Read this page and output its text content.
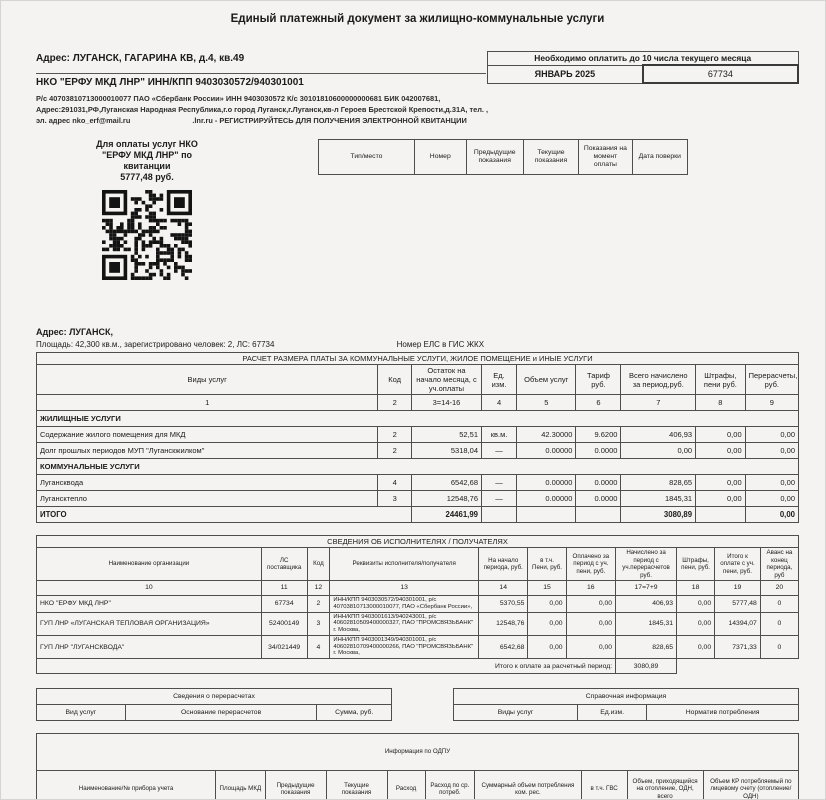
Единый платежный документ за жилищно-коммунальные услуги
Адрес: ЛУГАНСК, ГАГАРИНА КВ, д.4, кв.49
НКО "ЕРФУ МКД ЛНР" ИНН/КПП 9403030572/940301001
Необходимо оплатить до 10 числа текущего месяца
ЯНВАРЬ 2025	67734
Р/с 40703810713000010077 ПАО «Сбербанк России» ИНН 9403030572 К/с 30101810600000000681 БИК 042007681,
Адрес:291031,РФ,Луганская Народная Республика,г.о город Луганск,г.Луганск,кв-л Героев Брестской Крепости,д.31А, тел. ,
эл. адрес nko_erf@mail.ru	.lnr.ru - РЕГИСТРИРУЙТЕСЬ ДЛЯ ПОЛУЧЕНИЯ ЭЛЕКТРОННОЙ КВИТАНЦИИ
Для оплаты услуг НКО
"ЕРФУ МКД ЛНР" по
квитанции
5777,48 руб.
Тип/место	Номер	Предыдущие показания	Текущие показания	Показания на момент оплаты	Дата поверки
Адрес: ЛУГАНСК,
Площадь: 42,300 кв.м., зарегистрировано человек: 2, ЛС: 67734	Номер ЕЛС в ГИС ЖКХ
РАСЧЕТ РАЗМЕРА ПЛАТЫ ЗА КОММУНАЛЬНЫЕ УСЛУГИ, ЖИЛОЕ ПОМЕЩЕНИЕ и ИНЫЕ УСЛУГИ								
Виды услуг	Код	Остаток на начало месяца, с уч.оплаты	Ед. изм.	Объем услуг	Тариф руб.	Всего начислено за период,руб.	Штрафы, пени руб.	Перерасчеты, руб.
1	2	3=14-16	4	5	6	7	8	9
ЖИЛИЩНЫЕ УСЛУГИ								
Содержание жилого помещения для МКД	2	52,51	кв.м.	42.30000	9.6200	406,93	0,00	0,00
Долг прошлых периодов МУП "Луганскжилком"	2	5318,04	—	0.00000	0.0000	0,00	0,00	0,00
КОММУНАЛЬНЫЕ УСЛУГИ								
Лугансквода	4	6542,68	—	0.00000	0.0000	828,65	0,00	0,00
Лугансктепло	3	12548,76	—	0.00000	0.0000	1845,31	0,00	0,00
ИТОГО		24461,99				3080,89		0,00
СВЕДЕНИЯ ОБ ИСПОЛНИТЕЛЯХ / ПОЛУЧАТЕЛЯХ										
Наименование организации	ЛС поставщика	Код	Реквизиты исполнителя/получателя	На начало периода, руб.	в т.ч. Пени, руб.	Оплачено за период с уч. пени, руб.	Начислено за период с уч.перерасчетов руб.	Штрафы, пени, руб.	Итого к оплате с уч. пени, руб.	Аванс на конец периода, руб
10	11	12	13	14	15	16	17=7+9	18	19	20
НКО "ЕРФУ МКД ЛНР"	67734	2	ИНН/КПП 9403030572/940301001, р/с 40703810713000010077, ПАО «Сбербанк России»,	5370,55	0,00	0,00	406,93	0,00	5777,48	0
ГУП ЛНР «ЛУГАНСКАЯ ТЕПЛОВАЯ ОРГАНИЗАЦИЯ»	52400149	3	ИНН/КПП 9403001613/940243001, р/с 40602810509400000327, ПАО "ПРОМСВЯЗЬБАНК" г. Москва,	12548,76	0,00	0,00	1845,31	0,00	14394,07	0
ГУП ЛНР "ЛУГАНСКВОДА"	34/021449	4	ИНН/КПП 9403001349/940301001, р/с 40602810709400000266, ПАО "ПРОМСВЯЗЬБАНК" г. Москва,	6542,68	0,00	0,00	828,65	0,00	7371,33	0
Итого к оплате за расчетный период:							3080,89			
Сведения о перерасчетах
Вид услуг	Основание перерасчетов	Сумма, руб.
Справочная информация
Виды услуг	Ед.изм.	Норматив потребления
Информация по ОДПУ
Наименование/№ прибора учета	Площадь МКД	Предыдущие показания	Текущие показания	Расход	Расход по ср. потреб.	Суммарный объем потребления ком. рес.	в т.ч. ГВС	Объем, приходящийся на отопление, ОДН, всего	Объем КР потребляемый по лицевому счету (отопление/ОДН)
